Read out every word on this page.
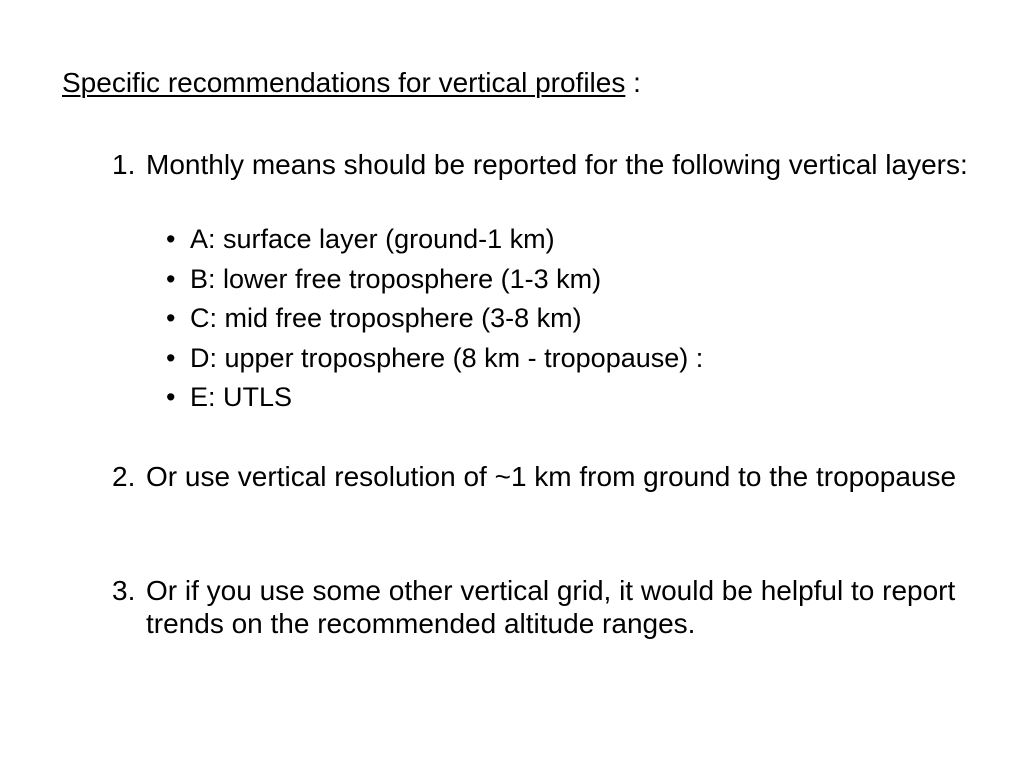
Specific recommendations for vertical profiles :
1. Monthly means should be reported for the following vertical layers:
• A: surface layer (ground-1 km)
• B: lower free troposphere (1-3 km)
• C: mid free troposphere (3-8 km)
• D: upper troposphere (8 km - tropopause) :
• E: UTLS
2. Or use vertical resolution of ~1 km from ground to the tropopause
3. Or if you use some other vertical grid, it would be helpful to report trends on the recommended altitude ranges.
